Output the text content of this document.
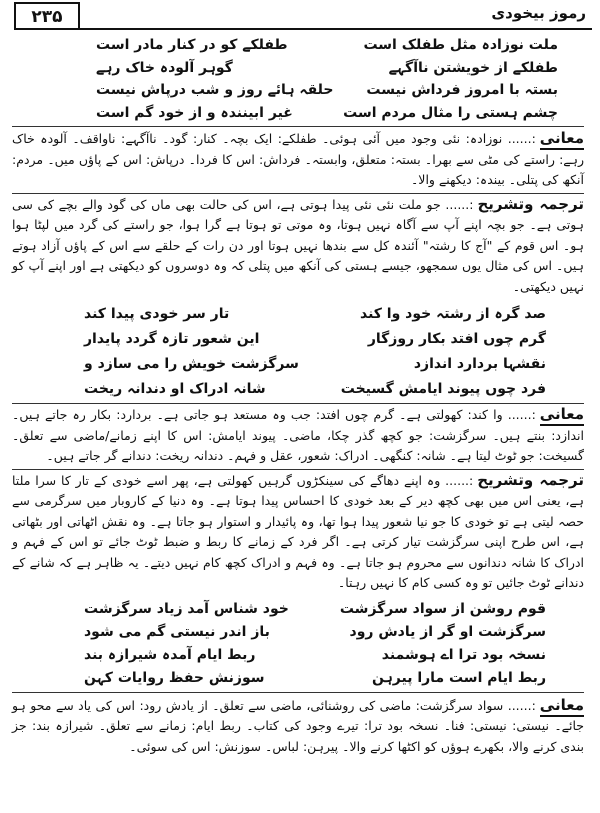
۲۳۵	رموز بیخودی
ملت نوزادہ مثل طفلک است
طفلکے کو در کنار مادر است
طفلکے از خویشتن ناآگہے
گوہر آلودہ خاک رہے
بستہ با امروز فرداش نیست
حلقہ ہائے روز و شب درپاش نیست
چشم ہستی را مثال مردم است
غیر ابینندہ و از خود گم است

معانی:...... نوزادہ: نئی وجود میں آئی ہوئی۔ طفلکے: ایک بچہ۔ کنار: گود۔ ناآگہے: ناواقف۔ آلودہ خاک رہے: راستے کی مٹی سے بھرا۔ بستہ: متعلق، وابستہ۔ فرداش: اس کا فردا۔ درپاش: اس کے پاؤں میں۔ مردم: آنکھ کی پتلی۔ بیندہ: دیکھنے والا۔

ترجمہ وتشریح:...... جو ملت نئی نئی پیدا ہوتی ہے، اس کی حالت بھی ماں کی گود والے بچے کی سی ہوتی ہے۔ جو بچہ اپنے آپ سے آگاہ نہیں ہوتا، وہ موتی تو ہوتا ہے گرا ہوا، جو راستے کی گرد میں لپٹا ہوا ہو۔ اس قوم کے "آج کا رشتہ" آئندہ کل سے بندھا نہیں ہوتا اور دن رات کے حلقے سے اس کے پاؤں آزاد ہوتے ہیں۔ اس کی مثال یوں سمجھو، جیسے ہستی کی آنکھ میں پتلی کہ وہ دوسروں کو دیکھتی ہے اور اپنے آپ کو نہیں دیکھتی۔

صد گرہ از رشتہ خود وا کند
تار سر خودی پیدا کند
گرم چوں افتد بکار روزگار
این شعور تازہ گردد پایدار
نقشہا بردارد اندازد
سرگزشت خویش را می سازد و
فرد چوں پیوند ایامش گسیخت
شانہ ادراک او دندانہ ریخت

معانی:...... وا کند: کھولتی ہے۔ گرم چوں افتد: جب وہ مستعد ہو جاتی ہے۔ بردارد: بکار رہ جاتے ہیں۔ اندازد: بنتے ہیں۔ سرگزشت: جو کچھ گذر چکا، ماضی۔ پیوند ایامش: اس کا اپنے زمانے/ماضی سے تعلق۔ گسیخت: جو ٹوٹ لیتا ہے۔ شانہ: کنگھی۔ ادراک: شعور، عقل و فہم۔ دندانہ ریخت: دندانے گر جاتے ہیں۔

ترجمہ وتشریح:...... وہ اپنے دھاگے کی سینکڑوں گرہیں کھولتی ہے، پھر اسے خودی کے تار کا سرا ملتا ہے، یعنی اس میں بھی کچھ دیر کے بعد خودی کا احساس پیدا ہوتا ہے۔ وہ دنیا کے کاروبار میں سرگرمی سے حصہ لیتی ہے تو خودی کا جو نیا شعور پیدا ہوا تھا، وہ پائیدار و استوار ہو جاتا ہے۔ وہ نقش اٹھاتی اور بٹھاتی ہے، اس طرح اپنی سرگزشت تیار کرتی ہے۔ اگر فرد کے زمانے کا ربط و ضبط ٹوٹ جائے تو اس کے فہم و ادراک کا شانہ دندانوں سے محروم ہو جاتا ہے۔ وہ فہم و ادراک کچھ کام نہیں دیتے۔ یہ ظاہر ہے کہ شانے کے دندانے ٹوٹ جائیں تو وہ کسی کام کا نہیں رہتا۔

قوم روشن از سواد سرگزشت
خود شناس آمد زیاد سرگزشت
سرگزشت او گر از یادش رود
باز اندر نیستی گم می شود
نسخہ بود ترا اے ہوشمند
ربط ایام آمدہ شیرازہ بند
ربط ایام است مارا پیرہن
سوزنش حفظ روایات کہن

معانی:...... سواد سرگزشت: ماضی کی روشنائی، ماضی سے تعلق۔ از یادش رود: اس کی یاد سے محو ہو جائے۔ نیستی: نیستی: فنا۔ نسخہ بود ترا: تیرے وجود کی کتاب۔ ربط ایام: زمانے سے تعلق۔ شیرازہ بند: جز بندی کرنے والا، بکھرے ہوؤں کو اکٹھا کرنے والا۔ پیرہن: لباس۔ سوزنش: اس کی سوئی۔
